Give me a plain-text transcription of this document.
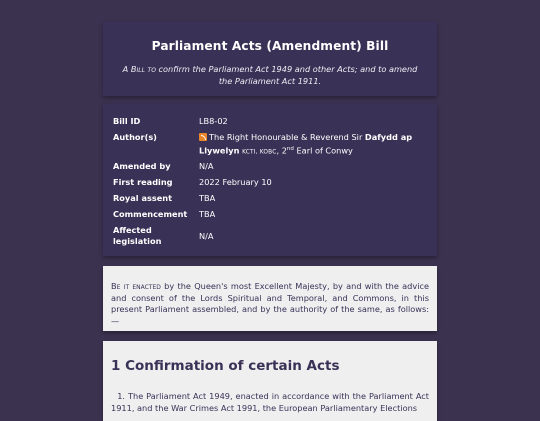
Parliament Acts (Amendment) Bill
A Bill to confirm the Parliament Act 1949 and other Acts; and to amend the Parliament Act 1911.
Bill ID	LB8-02
Author(s)	The Right Honourable & Reverend Sir Dafydd ap Llywelyn KCTI, KOBC, 2nd Earl of Conwy
Amended by	N/A
First reading	2022 February 10
Royal assent	TBA
Commencement	TBA
Affected legislation	N/A
Be it enacted by the Queen's most Excellent Majesty, by and with the advice and consent of the Lords Spiritual and Temporal, and Commons, in this present Parliament assembled, and by the authority of the same, as follows:—
1 Confirmation of certain Acts
1. The Parliament Act 1949, enacted in accordance with the Parliament Act 1911, and the War Crimes Act 1991, the European Parliamentary Elections
